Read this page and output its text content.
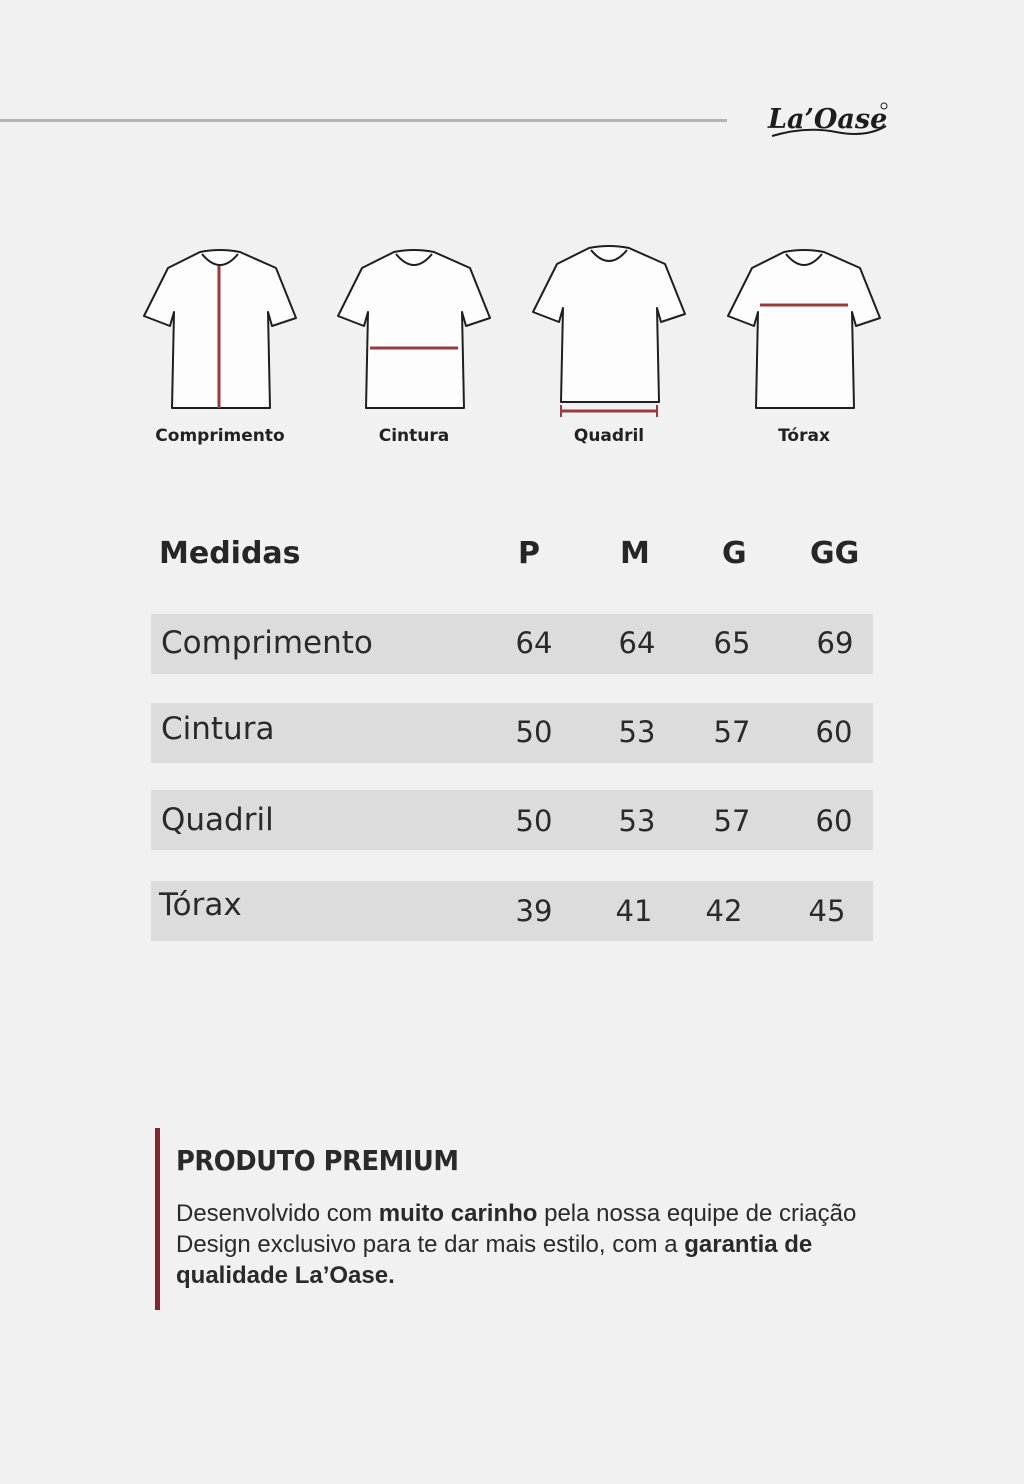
La’Oase
Comprimento	Cintura	Quadril	Tórax
Medidas	P	M G GG
Comprimento	64	64	65	69
Cintura	50	53	57	60
Quadril	50	53	57	60
Tórax	39	41	42	45
PRODUTO PREMIUM
Desenvolvido com muito carinho pela nossa equipe de criação
Design exclusivo para te dar mais estilo, com a garantia de
qualidade La’Oase.
